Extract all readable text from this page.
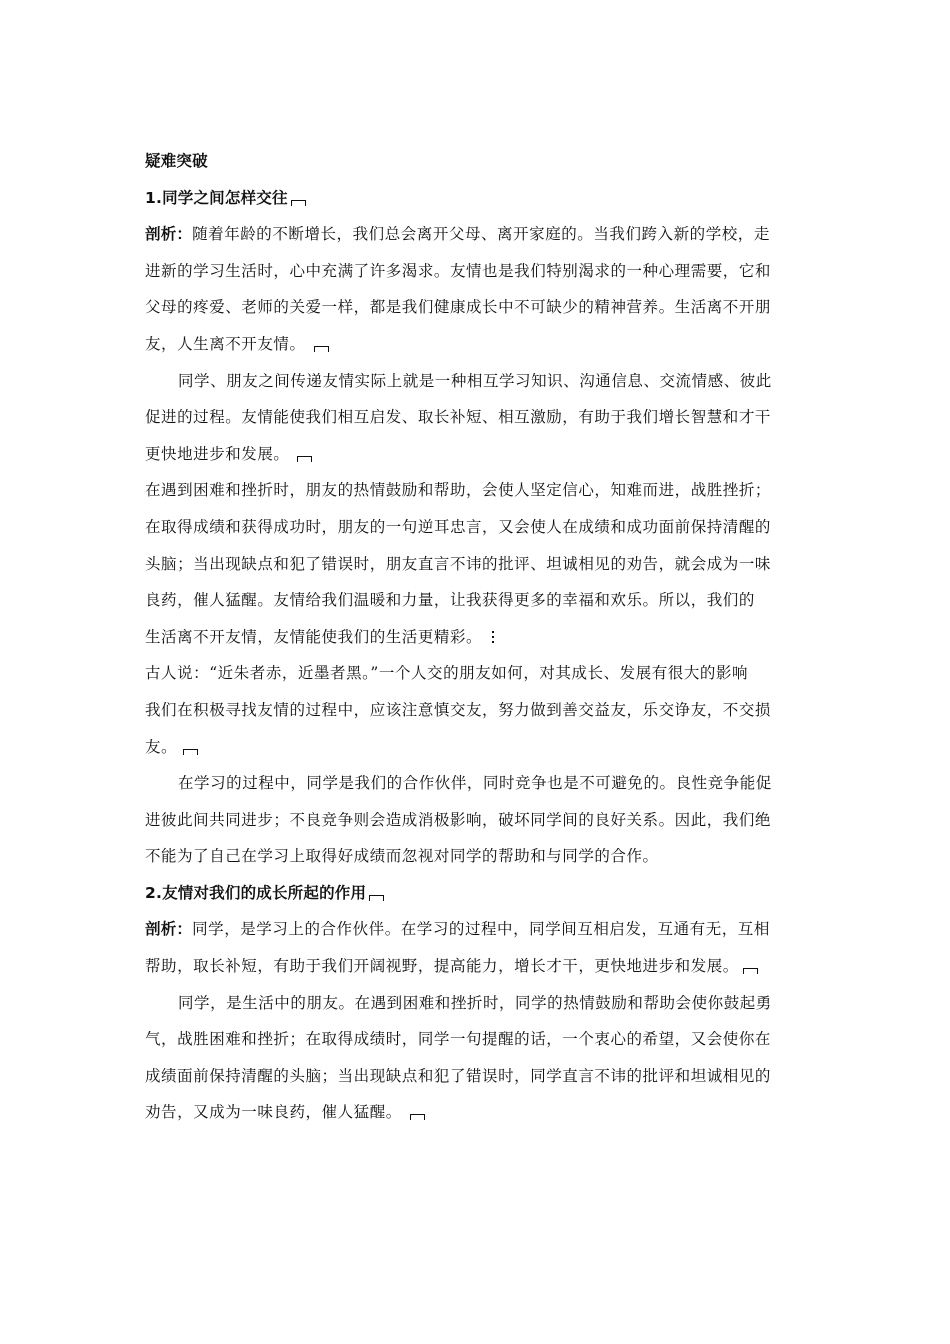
疑难突破

1.同学之间怎样交往

剖析：随着年龄的不断增长，我们总会离开父母、离开家庭的。当我们跨入新的学校，走

进新的学习生活时，心中充满了许多渴求。友情也是我们特别渴求的一种心理需要，它和

父母的疼爱、老师的关爱一样，都是我们健康成长中不可缺少的精神营养。生活离不开朋

友，人生离不开友情。

同学、朋友之间传递友情实际上就是一种相互学习知识、沟通信息、交流情感、彼此

促进的过程。友情能使我们相互启发、取长补短、相互激励，有助于我们增长智慧和才干

更快地进步和发展。

在遇到困难和挫折时，朋友的热情鼓励和帮助，会使人坚定信心，知难而进，战胜挫折；

在取得成绩和获得成功时，朋友的一句逆耳忠言，又会使人在成绩和成功面前保持清醒的

头脑；当出现缺点和犯了错误时，朋友直言不讳的批评、坦诚相见的劝告，就会成为一味

良药，催人猛醒。友情给我们温暖和力量，让我获得更多的幸福和欢乐。所以，我们的

生活离不开友情，友情能使我们的生活更精彩。

古人说：“近朱者赤，近墨者黑。”一个人交的朋友如何，对其成长、发展有很大的影响

我们在积极寻找友情的过程中，应该注意慎交友，努力做到善交益友，乐交诤友，不交损

友。

在学习的过程中，同学是我们的合作伙伴，同时竞争也是不可避免的。良性竞争能促

进彼此间共同进步；不良竞争则会造成消极影响，破坏同学间的良好关系。因此，我们绝

不能为了自己在学习上取得好成绩而忽视对同学的帮助和与同学的合作。

2.友情对我们的成长所起的作用

剖析：同学，是学习上的合作伙伴。在学习的过程中，同学间互相启发，互通有无，互相

帮助，取长补短，有助于我们开阔视野，提高能力，增长才干，更快地进步和发展。

同学，是生活中的朋友。在遇到困难和挫折时，同学的热情鼓励和帮助会使你鼓起勇

气，战胜困难和挫折；在取得成绩时，同学一句提醒的话，一个衷心的希望，又会使你在

成绩面前保持清醒的头脑；当出现缺点和犯了错误时，同学直言不讳的批评和坦诚相见的

劝告，又成为一味良药，催人猛醒。
